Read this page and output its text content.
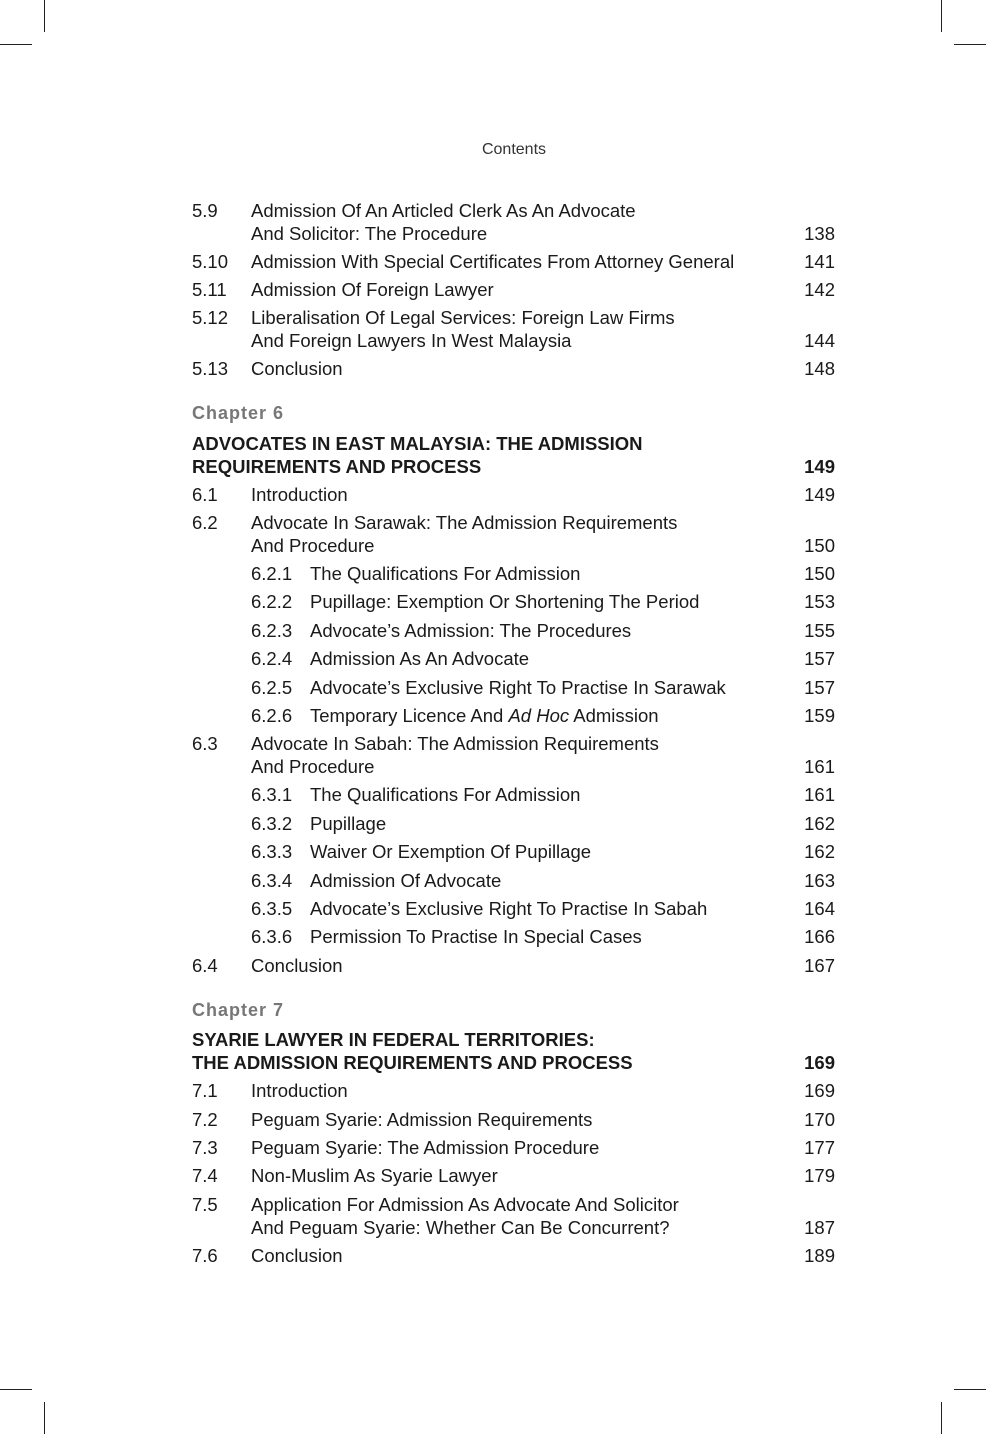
Contents
5.9 Admission Of An Articled Clerk As An Advocate
And Solicitor: The Procedure	138
5.10 Admission With Special Certificates From Attorney General	141
5.11 Admission Of Foreign Lawyer	142
5.12 Liberalisation Of Legal Services: Foreign Law Firms
And Foreign Lawyers In West Malaysia	144
5.13 Conclusion	148
Chapter 6
ADVOCATES IN EAST MALAYSIA: THE ADMISSION
REQUIREMENTS AND PROCESS	149
6.1 Introduction	149
6.2 Advocate In Sarawak: The Admission Requirements
And Procedure	150
6.2.1 The Qualifications For Admission	150
6.2.2 Pupillage: Exemption Or Shortening The Period	153
6.2.3 Advocate’s Admission: The Procedures	155
6.2.4 Admission As An Advocate	157
6.2.5 Advocate’s Exclusive Right To Practise In Sarawak	157
6.2.6 Temporary Licence And Ad Hoc Admission	159
6.3 Advocate In Sabah: The Admission Requirements
And Procedure	161
6.3.1 The Qualifications For Admission	161
6.3.2 Pupillage	162
6.3.3 Waiver Or Exemption Of Pupillage	162
6.3.4 Admission Of Advocate	163
6.3.5 Advocate’s Exclusive Right To Practise In Sabah	164
6.3.6 Permission To Practise In Special Cases	166
6.4 Conclusion	167
Chapter 7
SYARIE LAWYER IN FEDERAL TERRITORIES:
THE ADMISSION REQUIREMENTS AND PROCESS	169
7.1 Introduction	169
7.2 Peguam Syarie: Admission Requirements	170
7.3 Peguam Syarie: The Admission Procedure	177
7.4 Non-Muslim As Syarie Lawyer	179
7.5 Application For Admission As Advocate And Solicitor
And Peguam Syarie: Whether Can Be Concurrent?	187
7.6 Conclusion	189
